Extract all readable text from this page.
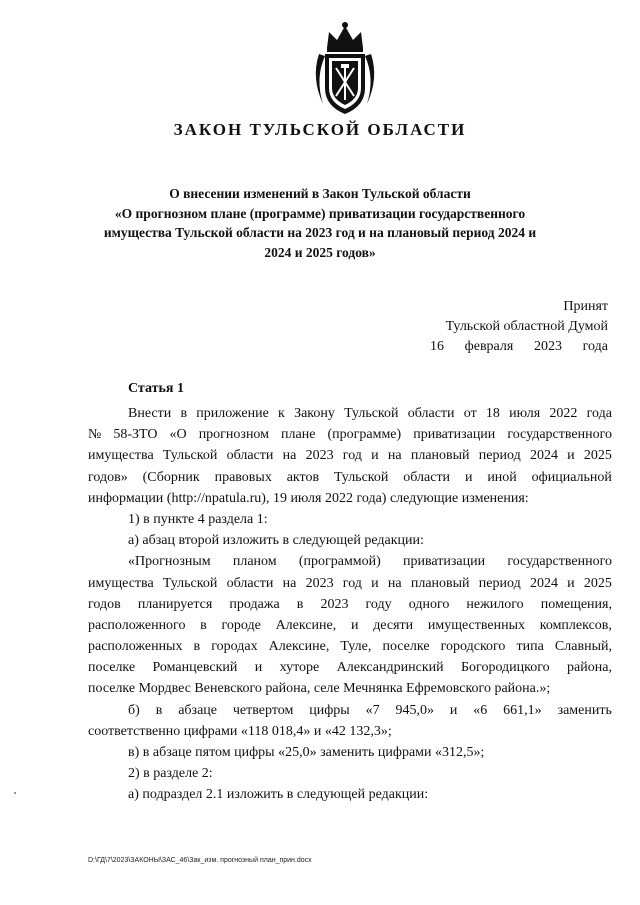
ЗАКОН ТУЛЬСКОЙ ОБЛАСТИ
О внесении изменений в Закон Тульской области
«О прогнозном плане (программе) приватизации государственного
имущества Тульской области на 2023 год и на плановый период 2024 и
2024 и 2025 годов»
Принят
Тульской областной Думой
16 февраля 2023 года
Статья 1
Внести в приложение к Закону Тульской области от 18 июля 2022 года
№ 58-ЗТО «О прогнозном плане (программе) приватизации государственного
имущества Тульской области на 2023 год и на плановый период 2024 и 2025
годов» (Сборник правовых актов Тульской области и иной официальной
информации (http://npatula.ru), 19 июля 2022 года) следующие изменения:
1) в пункте 4 раздела 1:
а) абзац второй изложить в следующей редакции:
«Прогнозным планом (программой) приватизации государственного
имущества Тульской области на 2023 год и на плановый период 2024 и 2025
годов планируется продажа в 2023 году одного нежилого помещения,
расположенного в городе Алексине, и десяти имущественных комплексов,
расположенных в городах Алексине, Туле, поселке городского типа Славный,
поселке Романцевский и хуторе Александринский Богородицкого района,
поселке Мордвес Веневского района, селе Мечнянка Ефремовского района.»;
б) в абзаце четвертом цифры «7 945,0» и «6 661,1» заменить
соответственно цифрами «118 018,4» и «42 132,3»;
в) в абзаце пятом цифры «25,0» заменить цифрами «312,5»;
2) в разделе 2:
а) подраздел 2.1 изложить в следующей редакции:
D:\ГД\7\2023\ЗАКОНЫ\ЗАС_46\Зак_изм. прогнозный план_прин.docx
